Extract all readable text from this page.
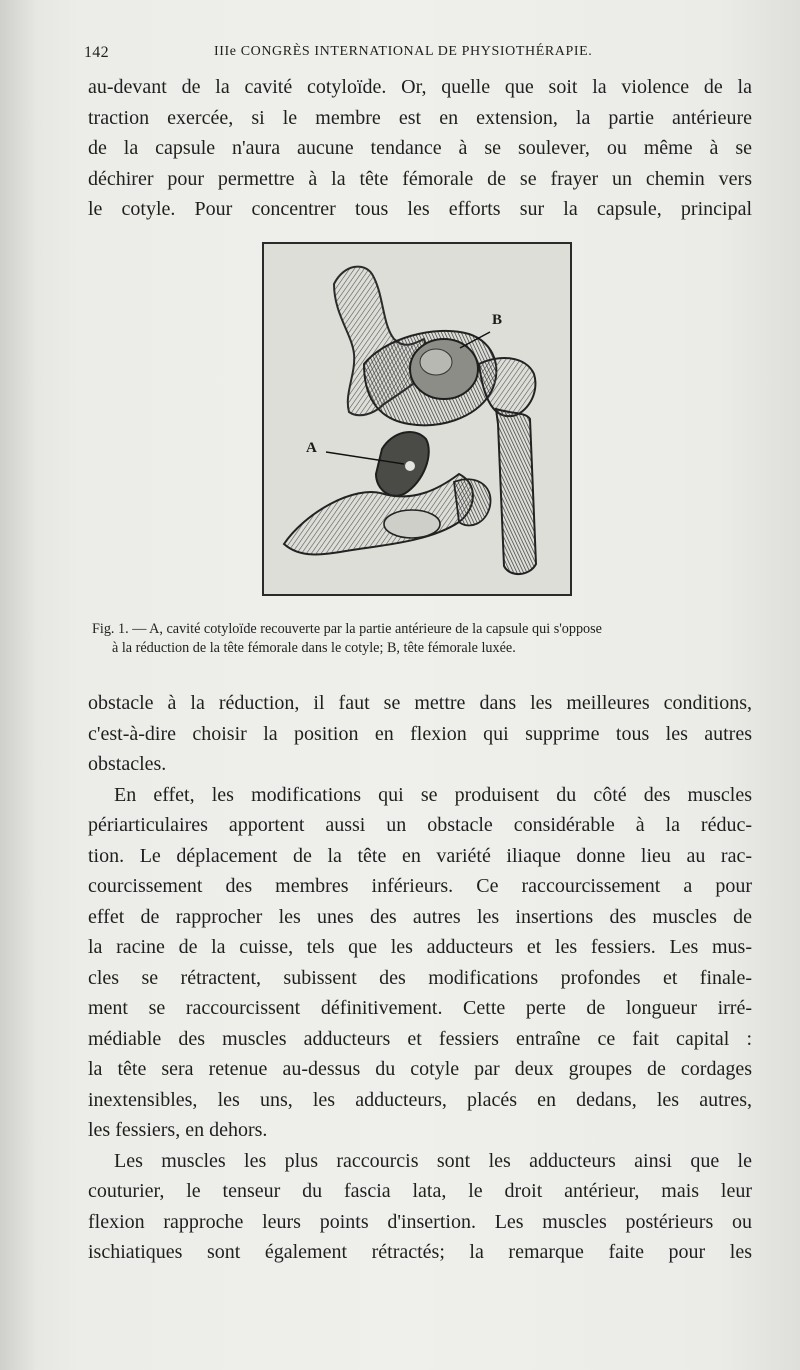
142	IIIe CONGRÈS INTERNATIONAL DE PHYSIOTHÉRAPIE.
au-devant de la cavité cotyloïde. Or, quelle que soit la violence de la
traction exercée, si le membre est en extension, la partie antérieure
de la capsule n'aura aucune tendance à se soulever, ou même à se
déchirer pour permettre à la tête fémorale de se frayer un chemin vers
le cotyle. Pour concentrer tous les efforts sur la capsule, principal
A
B
Fig. 1. — A, cavité cotyloïde recouverte par la partie antérieure de la capsule qui s'oppose
à la réduction de la tête fémorale dans le cotyle; B, tête fémorale luxée.
obstacle à la réduction, il faut se mettre dans les meilleures conditions,
c'est-à-dire choisir la position en flexion qui supprime tous les autres
obstacles.
En effet, les modifications qui se produisent du côté des muscles
périarticulaires apportent aussi un obstacle considérable à la réduc-
tion. Le déplacement de la tête en variété iliaque donne lieu au rac-
courcissement des membres inférieurs. Ce raccourcissement a pour
effet de rapprocher les unes des autres les insertions des muscles de
la racine de la cuisse, tels que les adducteurs et les fessiers. Les mus-
cles se rétractent, subissent des modifications profondes et finale-
ment se raccourcissent définitivement. Cette perte de longueur irré-
médiable des muscles adducteurs et fessiers entraîne ce fait capital :
la tête sera retenue au-dessus du cotyle par deux groupes de cordages
inextensibles, les uns, les adducteurs, placés en dedans, les autres,
les fessiers, en dehors.
Les muscles les plus raccourcis sont les adducteurs ainsi que le
couturier, le tenseur du fascia lata, le droit antérieur, mais leur
flexion rapproche leurs points d'insertion. Les muscles postérieurs ou
ischiatiques sont également rétractés; la remarque faite pour les
